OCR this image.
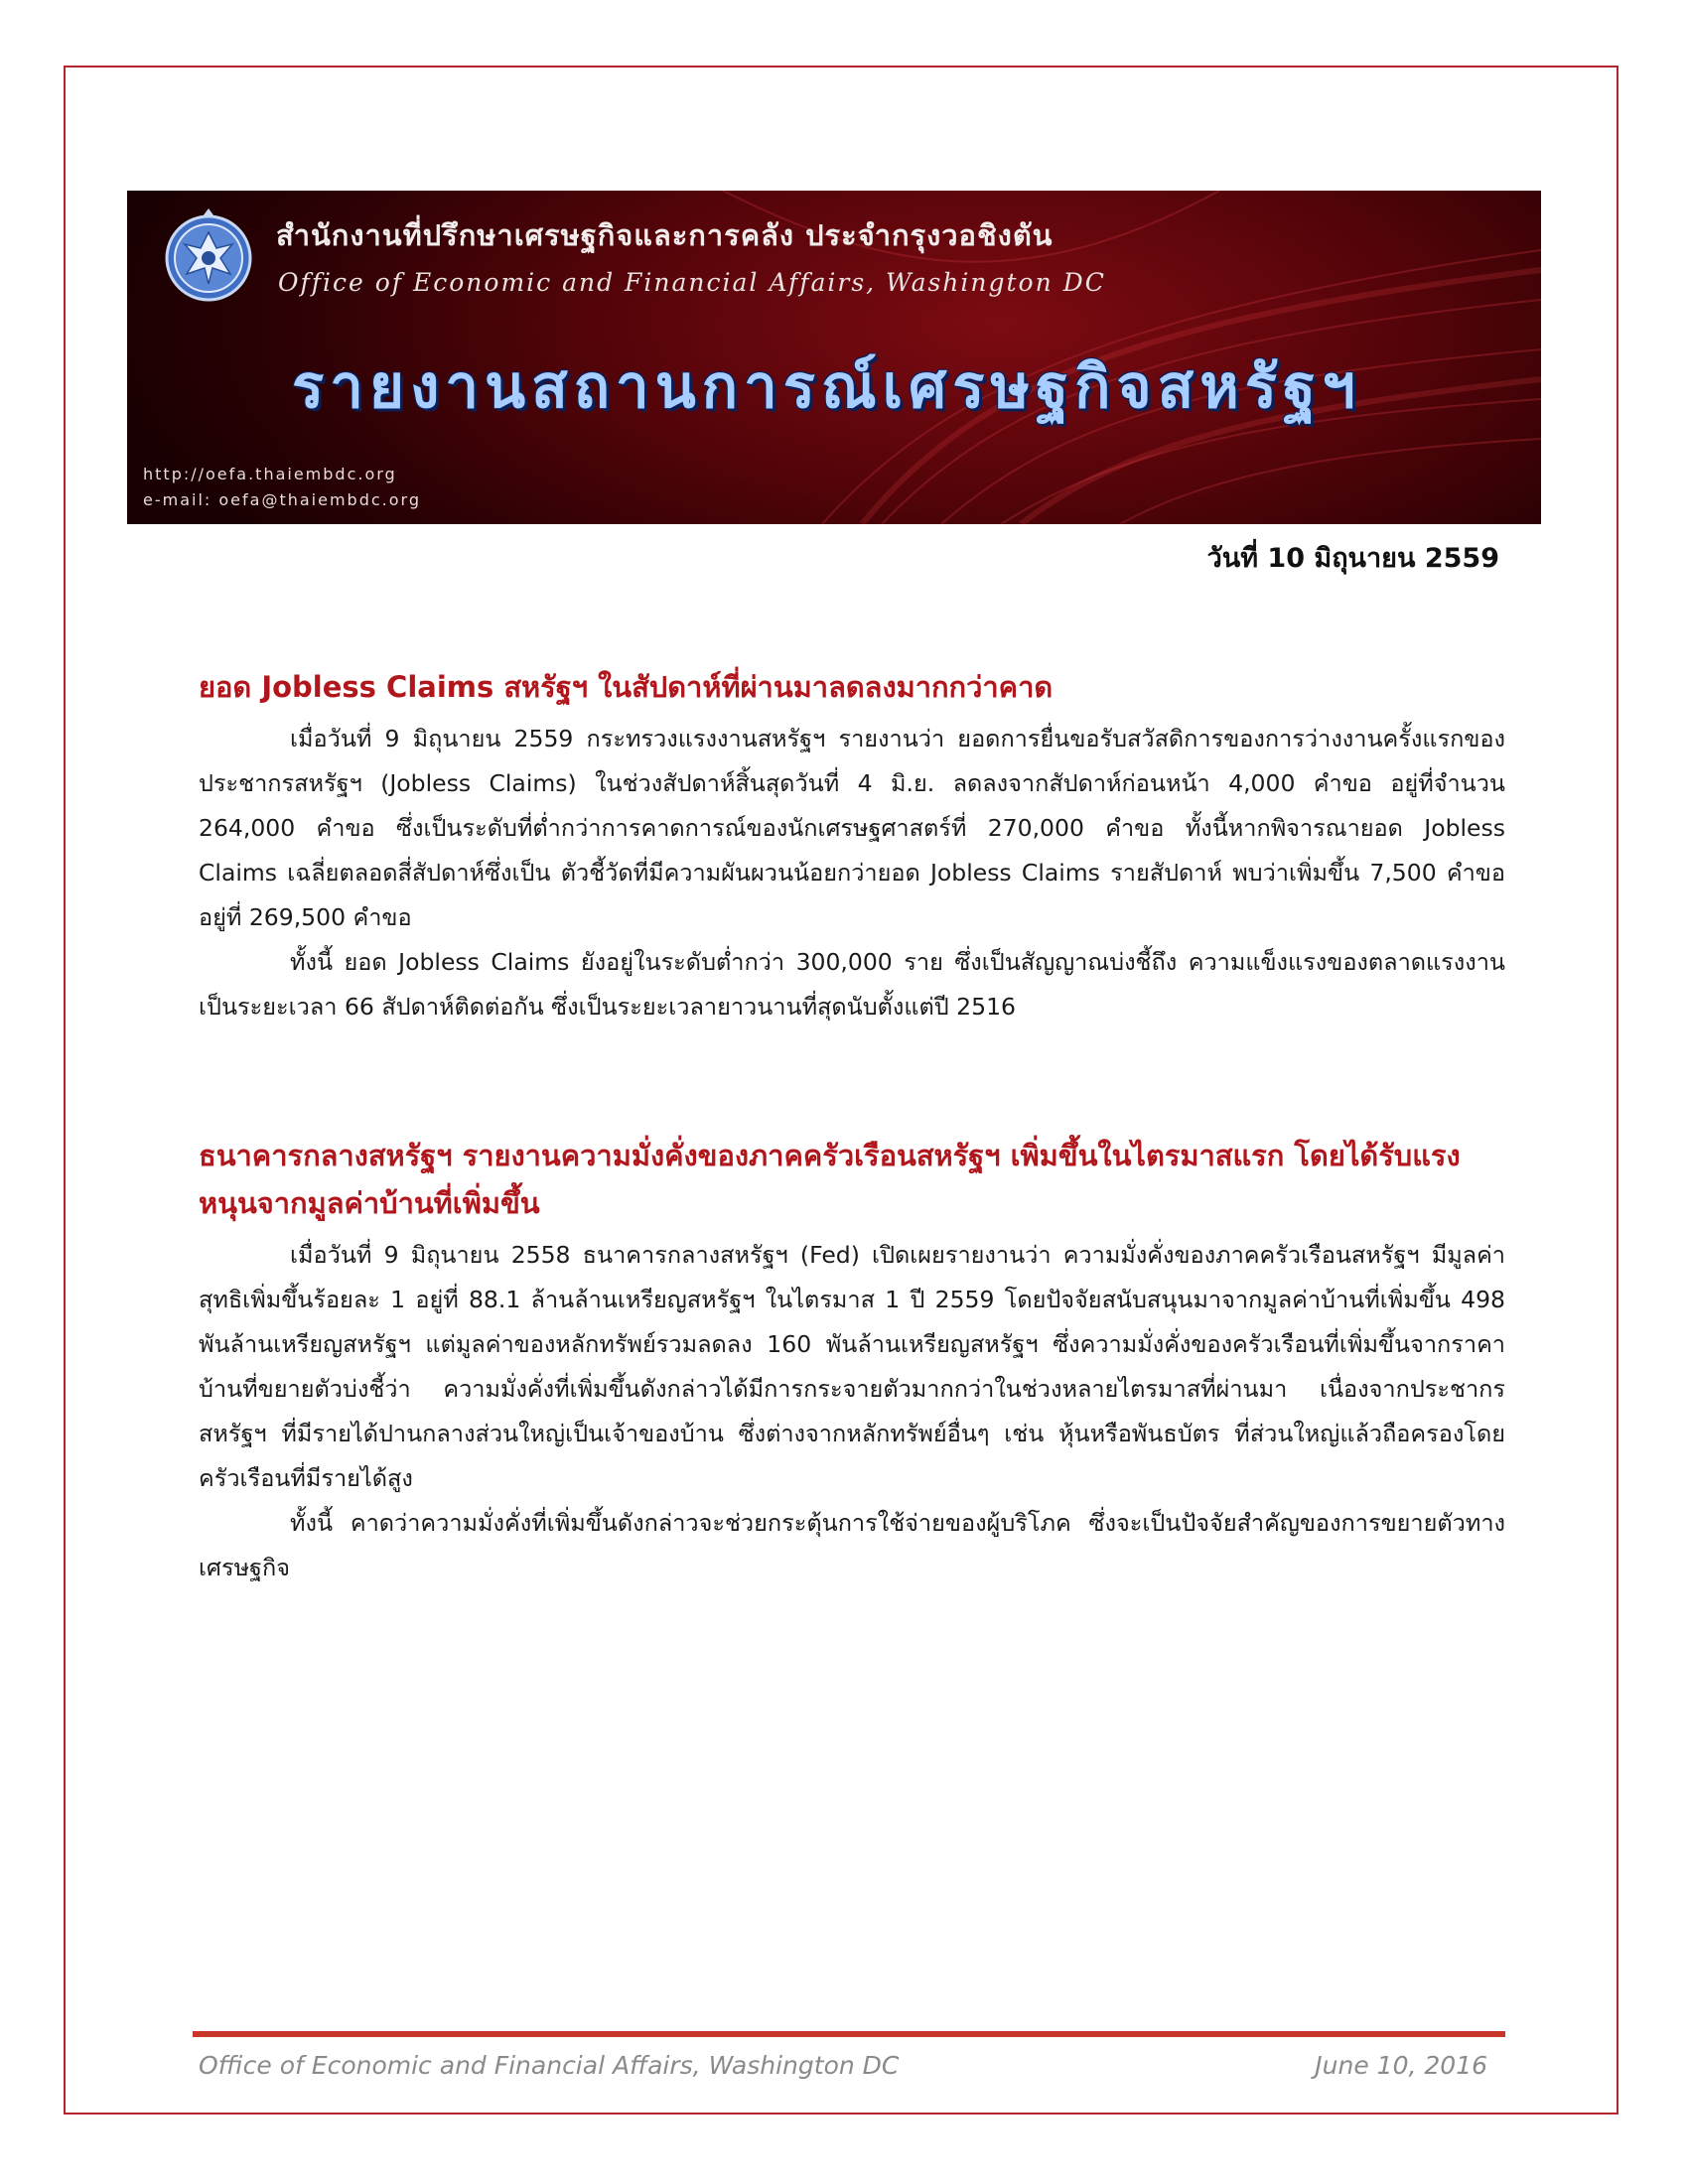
สำนักงานที่ปรึกษาเศรษฐกิจและการคลัง ประจำกรุงวอชิงตัน
Office of Economic and Financial Affairs, Washington DC
รายงานสถานการณ์เศรษฐกิจสหรัฐฯ
http://oefa.thaiembdc.org
e-mail: oefa@thaiembdc.org
วันที่ 10 มิถุนายน 2559
ยอด Jobless Claims สหรัฐฯ ในสัปดาห์ที่ผ่านมาลดลงมากกว่าคาด

เมื่อวันที่ 9 มิถุนายน 2559 กระทรวงแรงงานสหรัฐฯ รายงานว่า ยอดการยื่นขอรับสวัสดิการของการว่างงานครั้งแรกของประชากรสหรัฐฯ (Jobless Claims) ในช่วงสัปดาห์สิ้นสุดวันที่ 4 มิ.ย. ลดลงจากสัปดาห์ก่อนหน้า 4,000 คำขอ อยู่ที่จำนวน 264,000 คำขอ ซึ่งเป็นระดับที่ต่ำกว่าการคาดการณ์ของนักเศรษฐศาสตร์ที่ 270,000 คำขอ ทั้งนี้หากพิจารณายอด Jobless Claims เฉลี่ยตลอดสี่สัปดาห์ซึ่งเป็น ตัวชี้วัดที่มีความผันผวนน้อยกว่ายอด Jobless Claims รายสัปดาห์ พบว่าเพิ่มขึ้น 7,500 คำขอ อยู่ที่ 269,500 คำขอ

ทั้งนี้ ยอด Jobless Claims ยังอยู่ในระดับต่ำกว่า 300,000 ราย ซึ่งเป็นสัญญาณบ่งชี้ถึง ความแข็งแรงของตลาดแรงงาน เป็นระยะเวลา 66 สัปดาห์ติดต่อกัน ซึ่งเป็นระยะเวลายาวนานที่สุดนับตั้งแต่ปี 2516

ธนาคารกลางสหรัฐฯ รายงานความมั่งคั่งของภาคครัวเรือนสหรัฐฯ เพิ่มขึ้นในไตรมาสแรก โดยได้รับแรงหนุนจากมูลค่าบ้านที่เพิ่มขึ้น

เมื่อวันที่ 9 มิถุนายน 2558 ธนาคารกลางสหรัฐฯ (Fed) เปิดเผยรายงานว่า ความมั่งคั่งของภาคครัวเรือนสหรัฐฯ มีมูลค่าสุทธิเพิ่มขึ้นร้อยละ 1 อยู่ที่ 88.1 ล้านล้านเหรียญสหรัฐฯ ในไตรมาส 1 ปี 2559 โดยปัจจัยสนับสนุนมาจากมูลค่าบ้านที่เพิ่มขึ้น 498 พันล้านเหรียญสหรัฐฯ แต่มูลค่าของหลักทรัพย์รวมลดลง 160 พันล้านเหรียญสหรัฐฯ ซึ่งความมั่งคั่งของครัวเรือนที่เพิ่มขึ้นจากราคาบ้านที่ขยายตัวบ่งชี้ว่า ความมั่งคั่งที่เพิ่มขึ้นดังกล่าวได้มีการกระจายตัวมากกว่าในช่วงหลายไตรมาสที่ผ่านมา เนื่องจากประชากรสหรัฐฯ ที่มีรายได้ปานกลางส่วนใหญ่เป็นเจ้าของบ้าน ซึ่งต่างจากหลักทรัพย์อื่นๆ เช่น หุ้นหรือพันธบัตร ที่ส่วนใหญ่แล้วถือครองโดยครัวเรือนที่มีรายได้สูง

ทั้งนี้ คาดว่าความมั่งคั่งที่เพิ่มขึ้นดังกล่าวจะช่วยกระตุ้นการใช้จ่ายของผู้บริโภค ซึ่งจะเป็นปัจจัยสำคัญของการขยายตัวทางเศรษฐกิจ

Office of Economic and Financial Affairs, Washington DC	June 10, 2016
